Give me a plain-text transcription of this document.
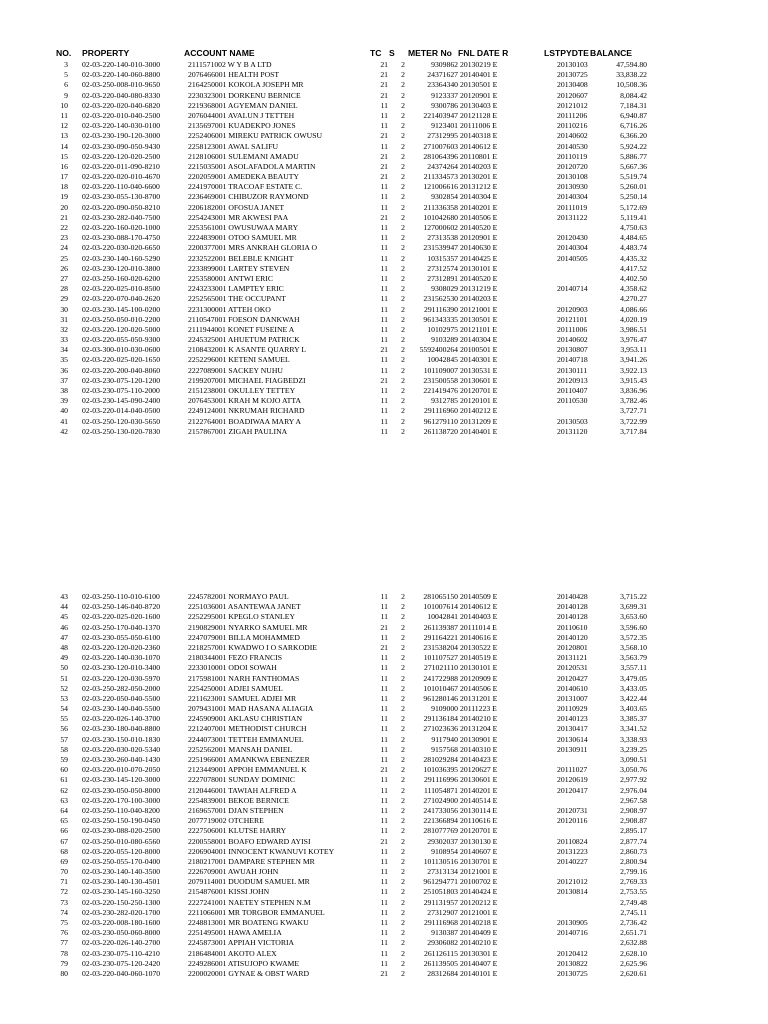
NO. PROPERTY	ACCOUNT NAME	TC S METER No FNL DATE R	LSTPYDTE BALANCE
3 02-03-220-140-010-3000	2111571002 W Y B A LTD	21	2	9309862 20130219 E	20130103	47,594.80
5 02-03-220-140-060-8800	2076466001 HEALTH POST	21	2	24371627 20140401 E	20130725	33,838.22
6 02-03-250-008-010-9650	2164250001 KOKOLA JOSEPH MR	21	2	23364340 20130501 E	20130408	10,508.36
9 02-03-220-040-080-8330	2230323001 DORKENU BERNICE	21	2	9123337 20120901 E	20120607	8,084.42
10 02-03-220-020-040-6820	2219368001 AGYEMAN DANIEL	11	2	9300786 20130403 E	20121012	7,184.31
11 02-03-220-010-040-2500	2076044001 AVALUN J TETTEH	11	2	221403947 20121128 E	20111206	6,940.87
12 02-03-220-140-030-0100	2135697001 KUADEKPO JONES	11	2	9123401 20111006 E	20110216	6,716.26
13 02-03-230-190-120-3000	2252406001 MIREKU PATRICK OWUSU	21	2	27312995 20140318 E	20140602	6,366.20
14 02-03-230-090-050-9430	2258123001 AWAL SALIFU	11	2	271007603 20140612 E	20140530	5,924.22
15 02-03-220-120-020-2500	2128106001 SULEMANI AMADU	21	2	281064396 20110801 E	20110119	5,886.77
16 02-03-220-011-090-8210	2215035001 ASOLAFADOLA MARTIN	21	2	24374264 20140203 E	20120720	5,667.36
17 02-03-220-020-010-4670	2202059001 AMEDEKA BEAUTY	21	2	211334573 20130201 E	20130108	5,519.74
18 02-03-220-110-040-6600	2241970001 TRACOAF ESTATE C.	11	2	121006616 20131212 E	20130930	5,260.01
19 02-03-230-055-130-8700	2236469001 CHIBUZOR RAYMOND	11	2	9302854 20140304 E	20140304	5,250.14
20 02-03-220-090-050-8210	2206182001 OFOSUA JANET	11	2	211336358 20140201 E	20111019	5,172.69
21 02-03-230-282-040-7500	2254243001 MR AKWESI PAA	21	2	101042680 20140506 E	20131122	5,119.41
22 02-03-220-160-020-1000	2253561001 OWUSUWAA MARY	11	2	127000602 20140520 E	4,750.63
23 02-03-230-088-170-4750	2224839001 OTOO SAMUEL MR	11	2	27313538 20120901 E	20120430	4,484.65
24 02-03-220-030-020-6650	2200377001 MRS ANKRAH GLORIA O	11	2	231539947 20140630 E	20140304	4,483.74
25 02-03-230-140-160-5290	2232522001 BELEBLE KNIGHT	11	2	10315357 20140425 E	20140505	4,435.32
26 02-03-230-120-010-3800	2233899001 LARTEY STEVEN	11	2	27312574 20130101 E	4,417.52
27 02-03-250-160-020-6200	2253580001 ANTWI ERIC	11	2	27312891 20140520 E	4,402.50
28 02-03-220-025-010-8500	2243233001 LAMPTEY ERIC	11	2	9308029 20131219 E	20140714	4,358.62
29 02-03-220-070-040-2620	2252565001 THE OCCUPANT	11	2	231562530 20140203 E	4,270.27
30 02-03-230-145-100-0200	2231300001 ATTEH OKO	11	2	291116390 20121001 E	20120903	4,086.66
31 02-03-250-050-010-2200	2110547001 FOESON DANKWAH	11	2	961343335 20130501 E	20121101	4,020.19
32 02-03-220-120-020-5000	2111944001 KONET FUSEINE A	11	2	10102975 20121101 E	20111006	3,986.51
33 02-03-220-055-050-9300	2245325001 AHUETUM PATRICK	11	2	9103289 20140304 E	20140602	3,976.47
34 02-03-300-010-030-0600	2108432001 K ASANTE QUARRY L	21	2	5592400264 20100501 E	20130807	3,953.11
35 02-03-220-025-020-1650	2252296001 KETENI SAMUEL	11	2	10042845 20140301 E	20140718	3,941.26
36 02-03-220-200-040-8060	2227089001 SACKEY NUHU	11	2	101109007 20130531 E	20130111	3,922.13
37 02-03-230-075-120-1200	2199207001 MICHAEL FIAGBEDZI	21	2	231500558 20130601 E	20120913	3,915.43
38 02-03-230-075-110-2000	2151238001 OKULLEY TETTEY	11	2	221419476 20120701 E	20110407	3,836.96
39 02-03-230-145-090-2400	2076453001 KRAH M KOJO ATTA	11	2	9312785 20120101 E	20110530	3,782.46
40 02-03-220-014-040-0500	2249124001 NKRUMAH RICHARD	11	2	291116960 20140212 E	3,727.71
41 02-03-250-120-030-5650	2122764001 BOADIWAA MARY A	11	2	961279110 20131209 E	20130503	3,722.99
42 02-03-250-130-020-7830	2157867001 ZIGAH PAULINA	11	2	261138720 20140401 E	20131120	3,717.84
43 02-03-250-110-010-6100	2245782001 NORMAYO PAUL	11	2	281065150 20140509 E	20140428	3,715.22
44 02-03-250-146-040-8720	2251036001 ASANTEWAA JANET	11	2	101007614 20140612 E	20140128	3,699.31
45 02-03-220-025-020-1600	2252295001 KPEGLO STANLEY	11	2	10042841 20140403 E	20140128	3,653.60
46 02-03-250-170-040-1370	2190829001 NYARKO SAMUEL MR	21	2	261139387 20111014 E	20110610	3,596.60
47 02-03-230-055-050-6100	2247079001 BILLA MOHAMMED	11	2	291164221 20140616 E	20140120	3,572.35
48 02-03-220-120-020-2360	2218257001 KWADWO I O SARKODIE	21	2	231538204 20130522 E	20120801	3,568.10
49 02-03-220-140-030-1070	2180344001 FEZO FRANCIS	11	2	101107527 20140519 E	20131121	3,563.79
50 02-03-230-120-010-3400	2233010001 ODOI SOWAH	11	2	271021110 20130101 E	20120531	3,557.11
51 02-03-220-120-030-5970	2175981001 NARH FANTHOMAS	11	2	241722988 20120909 E	20120427	3,479.05
52 02-03-250-282-050-2000	2254250001 ADJEI SAMUEL	11	2	101010467 20140506 E	20140610	3,433.05
53 02-03-220-050-040-5500	2211623001 SAMUEL ADJEI MR	11	2	961280146 20131201 E	20131007	3,422.44
54 02-03-230-140-040-5500	2079431001 MAD HASANA ALIAGIA	11	2	9109000 20111223 E	20110929	3,403.65
55 02-03-220-026-140-3700	2245909001 AKLASU CHRISTIAN	11	2	291136184 20140210 E	20140123	3,385.37
56 02-03-230-180-040-8800	2212407001 METHODIST CHURCH	11	2	271023636 20131204 E	20130417	3,341.52
57 02-03-230-150-010-1830	2244073001 TETTEH EMMANUEL	11	2	9117940 20130901 E	20130614	3,338.93
58 02-03-220-030-020-5340	2252562001 MANSAH DANIEL	11	2	9157568 20140310 E	20130911	3,239.25
59 02-03-230-260-040-1430	2251966001 AMANKWA EBENEZER	11	2	281029284 20140423 E	3,090.51
60 02-03-220-010-070-2050	2123449001 APPOH EMMANUEL K	21	2	101036395 20120627 E	20111027	3,050.76
61 02-03-230-145-120-3000	2227078001 SUNDAY DOMINIC	11	2	291116996 20130601 E	20120619	2,977.92
62 02-03-230-050-050-8000	2120446001 TAWIAH ALFRED A	11	2	111054871 20140201 E	20120417	2,976.04
63 02-03-220-170-100-3000	2254839001 BEKOE BERNICE	11	2	271024900 20140514 E	2,967.58
64 02-03-250-110-040-8200	2169657001 DJAN STEPHEN	11	2	241733056 20130114 E	20120731	2,908.97
65 02-03-250-150-190-0450	2077719002 OTCHERE	11	2	221366894 20110616 E	20120116	2,908.87
66 02-03-230-088-020-2500	2227506001 KLUTSE HARRY	11	2	281077769 20120701 E	2,895.17
67 02-03-250-010-080-6560	2200558001 BOAFO EDWARD AYISI	21	2	29302037 20130130 E	20110824	2,877.74
68 02-03-220-055-120-8000	2206904001 INNOCENT KWANUVI KOTEY	11	2	9108954 20140607 E	20131223	2,860.73
69 02-03-250-055-170-0400	2180217001 DAMPARE STEPHEN MR	11	2	101130516 20130701 E	20140227	2,800.94
70 02-03-230-140-140-3500	2226709001 AWUAH JOHN	11	2	27313134 20121001 E	2,799.16
71 02-03-230-140-130-4501	2079114001 DUODUM SAMUEL MR	11	2	961294771 20100702 E	20121012	2,769.33
72 02-03-230-145-160-3250	2154876001 KISSI JOHN	11	2	251051803 20140424 E	20130814	2,753.55
73 02-03-220-150-250-1300	2227241001 NAETEY STEPHEN N.M	11	2	291131957 20120212 E	2,749.48
74 02-03-230-282-020-1700	2211066001 MR TORGBOR EMMANUEL	11	2	27312907 20121001 E	2,745.11
75 02-03-220-008-180-1600	2248813001 MR BOATENG KWAKU	11	2	291116968 20140218 E	20130905	2,736.42
76 02-03-230-050-060-8000	2251495001 HAWA AMELIA	11	2	9130387 20140409 E	20140716	2,651.71
77 02-03-220-026-140-2700	2245873001 APPIAH VICTORIA	11	2	29306082 20140210 E	2,632.88
78 02-03-230-075-110-4210	2186484001 AKOTO ALEX	11	2	261126115 20130301 E	20120412	2,628.10
79 02-03-230-075-120-2420	2249286001 ATISUJOPO KWAME	11	2	261139505 20140407 E	20130822	2,625.96
80 02-03-220-040-060-1070	2200020001 GYNAE & OBST WARD	21	2	28312684 20140101 E	20130725	2,620.61
